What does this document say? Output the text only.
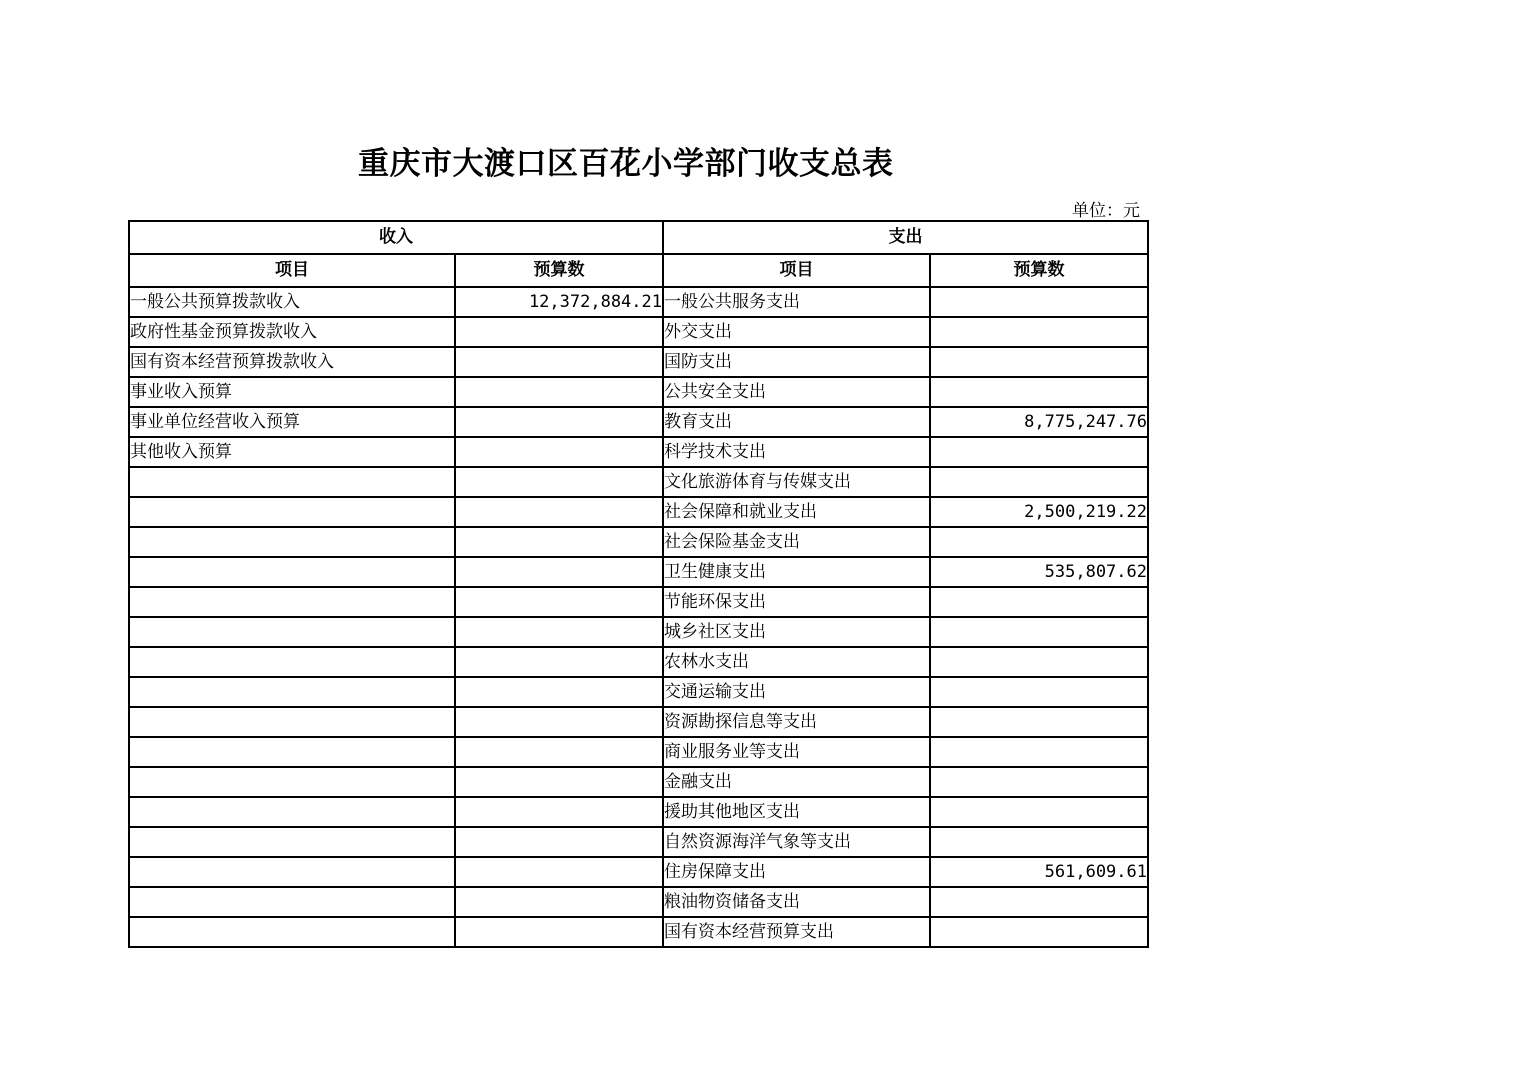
重庆市大渡口区百花小学部门收支总表
单位：元
收入		支出	
项目	预算数	项目	预算数
一般公共预算拨款收入	12,372,884.21	一般公共服务支出	
政府性基金预算拨款收入		外交支出	
国有资本经营预算拨款收入		国防支出	
事业收入预算		公共安全支出	
事业单位经营收入预算		教育支出	8,775,247.76
其他收入预算		科学技术支出	
		文化旅游体育与传媒支出	
		社会保障和就业支出	2,500,219.22
		社会保险基金支出	
		卫生健康支出	535,807.62
		节能环保支出	
		城乡社区支出	
		农林水支出	
		交通运输支出	
		资源勘探信息等支出	
		商业服务业等支出	
		金融支出	
		援助其他地区支出	
		自然资源海洋气象等支出	
		住房保障支出	561,609.61
		粮油物资储备支出	
		国有资本经营预算支出	
